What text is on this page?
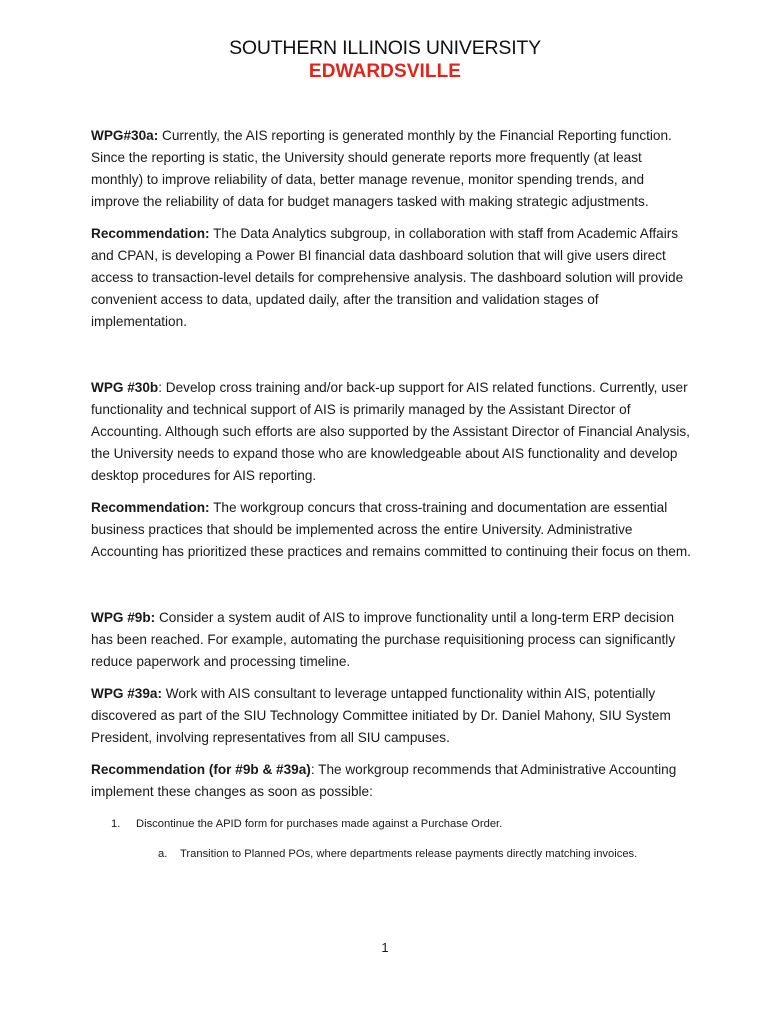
SOUTHERN ILLINOIS UNIVERSITY
EDWARDSVILLE

WPG#30a: Currently, the AIS reporting is generated monthly by the Financial Reporting function. Since the reporting is static, the University should generate reports more frequently (at least monthly) to improve reliability of data, better manage revenue, monitor spending trends, and improve the reliability of data for budget managers tasked with making strategic adjustments.

Recommendation: The Data Analytics subgroup, in collaboration with staff from Academic Affairs and CPAN, is developing a Power BI financial data dashboard solution that will give users direct access to transaction-level details for comprehensive analysis. The dashboard solution will provide convenient access to data, updated daily, after the transition and validation stages of implementation.

WPG #30b: Develop cross training and/or back-up support for AIS related functions. Currently, user functionality and technical support of AIS is primarily managed by the Assistant Director of Accounting. Although such efforts are also supported by the Assistant Director of Financial Analysis, the University needs to expand those who are knowledgeable about AIS functionality and develop desktop procedures for AIS reporting.

Recommendation: The workgroup concurs that cross-training and documentation are essential business practices that should be implemented across the entire University. Administrative Accounting has prioritized these practices and remains committed to continuing their focus on them.

WPG #9b: Consider a system audit of AIS to improve functionality until a long-term ERP decision has been reached. For example, automating the purchase requisitioning process can significantly reduce paperwork and processing timeline.

WPG #39a: Work with AIS consultant to leverage untapped functionality within AIS, potentially discovered as part of the SIU Technology Committee initiated by Dr. Daniel Mahony, SIU System President, involving representatives from all SIU campuses.

Recommendation (for #9b & #39a): The workgroup recommends that Administrative Accounting implement these changes as soon as possible:

1. Discontinue the APID form for purchases made against a Purchase Order.
a. Transition to Planned POs, where departments release payments directly matching invoices.
1
